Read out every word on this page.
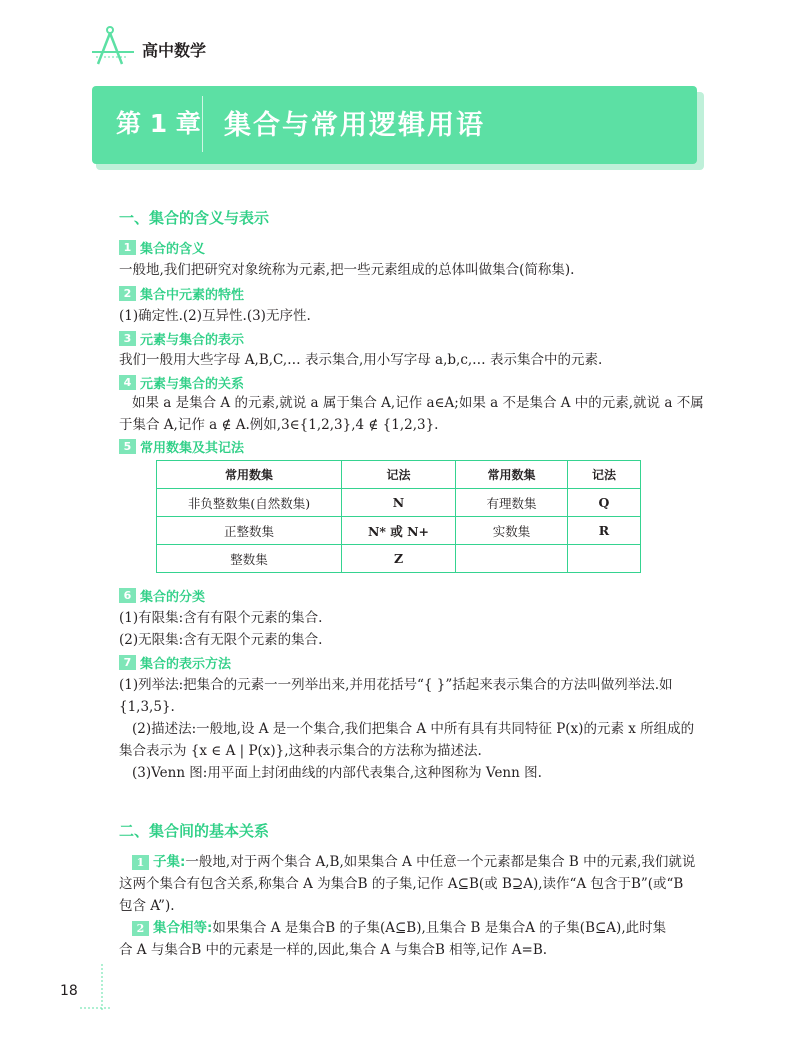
高中数学
第 1 章 集合与常用逻辑用语
一、集合的含义与表示
1 集合的含义
一般地,我们把研究对象统称为元素,把一些元素组成的总体叫做集合(简称集).
2 集合中元素的特性
(1)确定性.(2)互异性.(3)无序性.
3 元素与集合的表示
我们一般用大些字母 A,B,C,… 表示集合,用小写字母 a,b,c,… 表示集合中的元素.
4 元素与集合的关系
如果 a 是集合 A 的元素,就说 a 属于集合 A,记作 a∈A;如果 a 不是集合 A 中的元素,就说 a 不属
于集合 A,记作 a ∉ A.例如,3∈{1,2,3},4 ∉ {1,2,3}.
5 常用数集及其记法
常用数集	记法	常用数集	记法
非负整数集(自然数集)	N	有理数集	Q
正整数集	N* 或 N+	实数集	R
整数集	Z		
6 集合的分类
(1)有限集:含有有限个元素的集合.
(2)无限集:含有无限个元素的集合.
7 集合的表示方法
(1)列举法:把集合的元素一一列举出来,并用花括号“{ }”括起来表示集合的方法叫做列举法.如
{1,3,5}.
(2)描述法:一般地,设 A 是一个集合,我们把集合 A 中所有具有共同特征 P(x)的元素 x 所组成的
集合表示为 {x ∈ A | P(x)},这种表示集合的方法称为描述法.
(3)Venn 图:用平面上封闭曲线的内部代表集合,这种图称为 Venn 图.
二、集合间的基本关系
1 子集:一般地,对于两个集合 A,B,如果集合 A 中任意一个元素都是集合 B 中的元素,我们就说
这两个集合有包含关系,称集合 A 为集合B 的子集,记作 A⊆B(或 B⊇A),读作“A 包含于B”(或“B
包含 A”).
2 集合相等:如果集合 A 是集合B 的子集(A⊆B),且集合 B 是集合A 的子集(B⊆A),此时集
合 A 与集合B 中的元素是一样的,因此,集合 A 与集合B 相等,记作 A=B.
18
